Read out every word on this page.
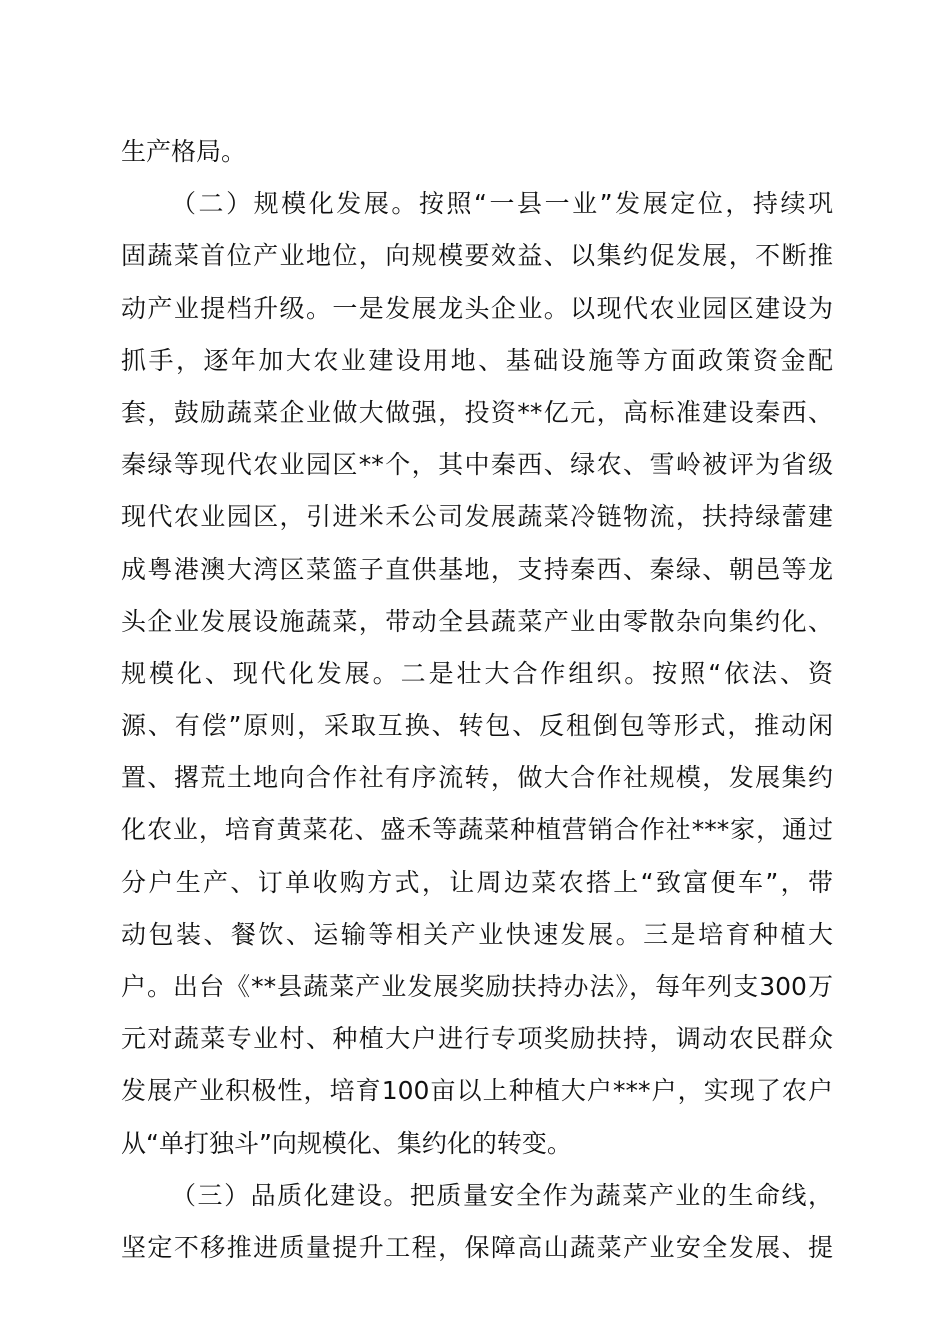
生产格局。
（二）规模化发展。按照“一县一业”发展定位，持续巩
固蔬菜首位产业地位，向规模要效益、以集约促发展，不断推
动产业提档升级。一是发展龙头企业。以现代农业园区建设为
抓手，逐年加大农业建设用地、基础设施等方面政策资金配
套，鼓励蔬菜企业做大做强，投资**亿元，高标准建设秦西、
秦绿等现代农业园区**个，其中秦西、绿农、雪岭被评为省级
现代农业园区，引进米禾公司发展蔬菜冷链物流，扶持绿蕾建
成粤港澳大湾区菜篮子直供基地，支持秦西、秦绿、朝邑等龙
头企业发展设施蔬菜，带动全县蔬菜产业由零散杂向集约化、
规模化、现代化发展。二是壮大合作组织。按照“依法、资
源、有偿”原则，采取互换、转包、反租倒包等形式，推动闲
置、撂荒土地向合作社有序流转，做大合作社规模，发展集约
化农业，培育黄菜花、盛禾等蔬菜种植营销合作社***家，通过
分户生产、订单收购方式，让周边菜农搭上“致富便车”，带
动包装、餐饮、运输等相关产业快速发展。三是培育种植大
户。出台《**县蔬菜产业发展奖励扶持办法》，每年列支300万
元对蔬菜专业村、种植大户进行专项奖励扶持，调动农民群众
发展产业积极性，培育100亩以上种植大户***户，实现了农户
从“单打独斗”向规模化、集约化的转变。
（三）品质化建设。把质量安全作为蔬菜产业的生命线，
坚定不移推进质量提升工程，保障高山蔬菜产业安全发展、提
